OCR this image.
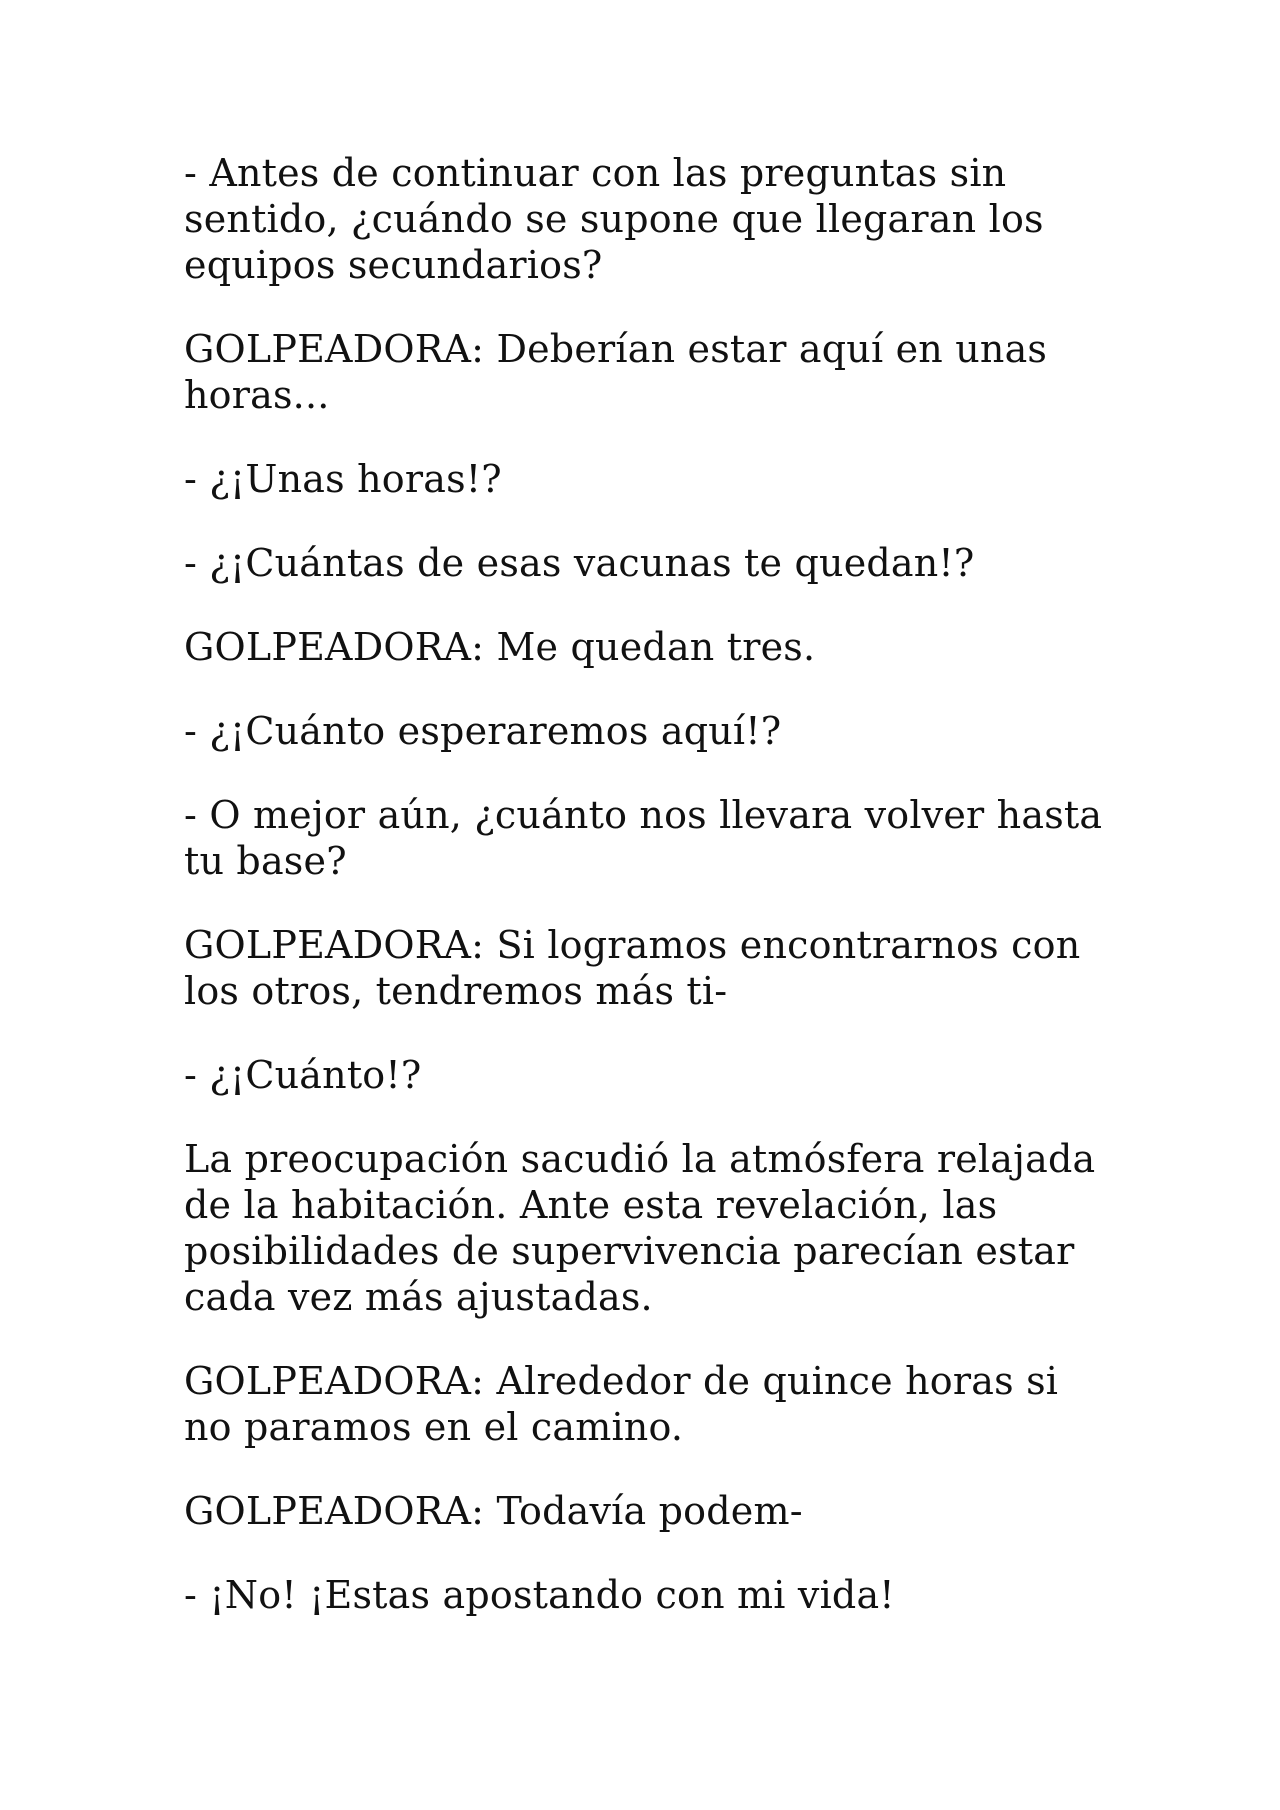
- Antes de continuar con las preguntas sin sentido, ¿cuándo se supone que llegaran los equipos secundarios?

GOLPEADORA: Deberían estar aquí en unas horas...

- ¿¡Unas horas!?

- ¿¡Cuántas de esas vacunas te quedan!?

GOLPEADORA: Me quedan tres.

- ¿¡Cuánto esperaremos aquí!?

- O mejor aún, ¿cuánto nos llevara volver hasta tu base?

GOLPEADORA: Si logramos encontrarnos con los otros, tendremos más ti-

- ¿¡Cuánto!?

La preocupación sacudió la atmósfera relajada de la habitación. Ante esta revelación, las posibilidades de supervivencia parecían estar cada vez más ajustadas.

GOLPEADORA: Alrededor de quince horas si no paramos en el camino.

GOLPEADORA: Todavía podem-

- ¡No! ¡Estas apostando con mi vida!
